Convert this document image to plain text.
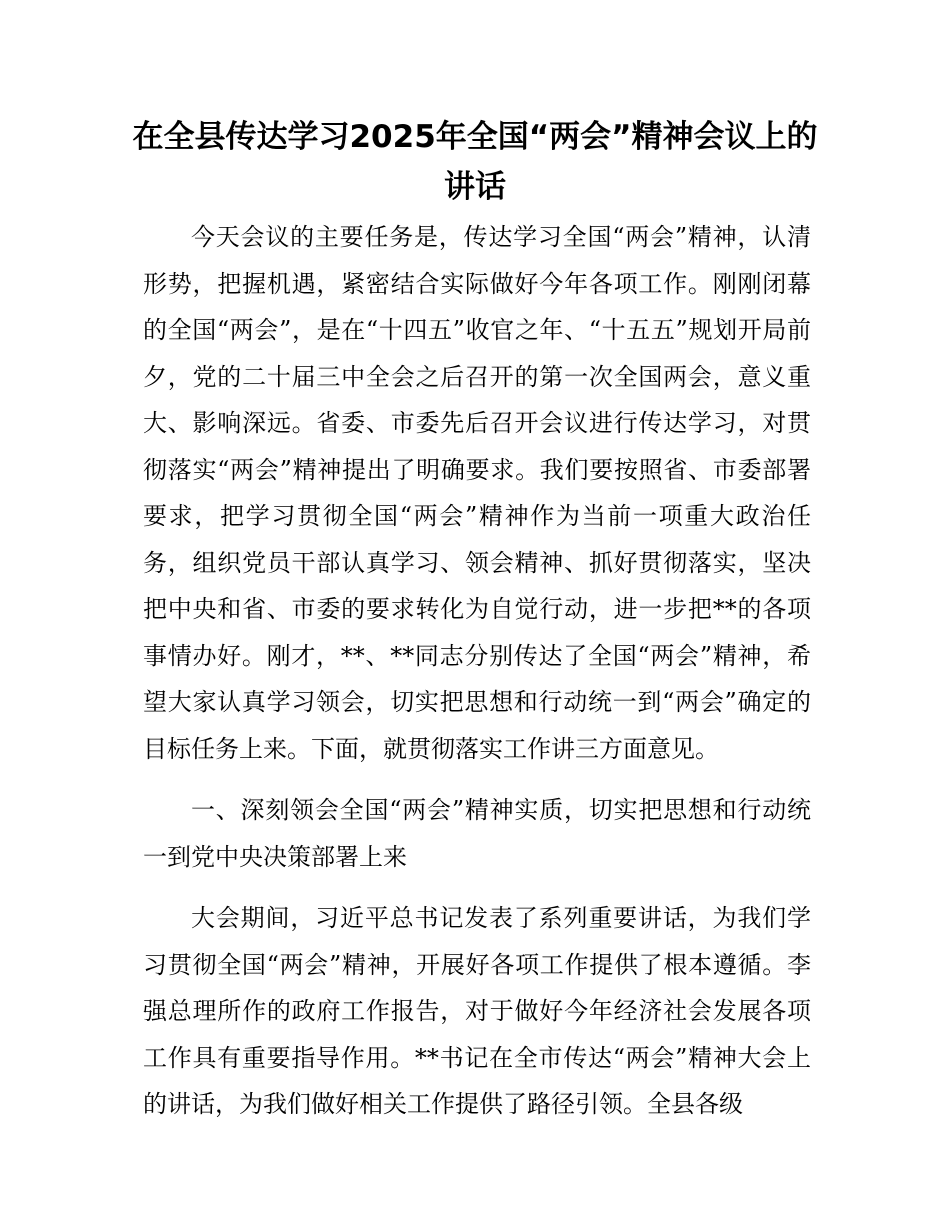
在全县传达学习2025年全国“两会”精神会议上的讲话

今天会议的主要任务是，传达学习全国“两会”精神，认清形势，把握机遇，紧密结合实际做好今年各项工作。刚刚闭幕的全国“两会”，是在“十四五”收官之年、“十五五”规划开局前夕，党的二十届三中全会之后召开的第一次全国两会，意义重大、影响深远。省委、市委先后召开会议进行传达学习，对贯彻落实“两会”精神提出了明确要求。我们要按照省、市委部署要求，把学习贯彻全国“两会”精神作为当前一项重大政治任务，组织党员干部认真学习、领会精神、抓好贯彻落实，坚决把中央和省、市委的要求转化为自觉行动，进一步把**的各项事情办好。刚才，**、**同志分别传达了全国“两会”精神，希望大家认真学习领会，切实把思想和行动统一到“两会”确定的目标任务上来。下面，就贯彻落实工作讲三方面意见。

一、深刻领会全国“两会”精神实质，切实把思想和行动统一到党中央决策部署上来

大会期间，习近平总书记发表了系列重要讲话，为我们学习贯彻全国“两会”精神，开展好各项工作提供了根本遵循。李强总理所作的政府工作报告，对于做好今年经济社会发展各项工作具有重要指导作用。**书记在全市传达“两会”精神大会上的讲话，为我们做好相关工作提供了路径引领。全县各级
